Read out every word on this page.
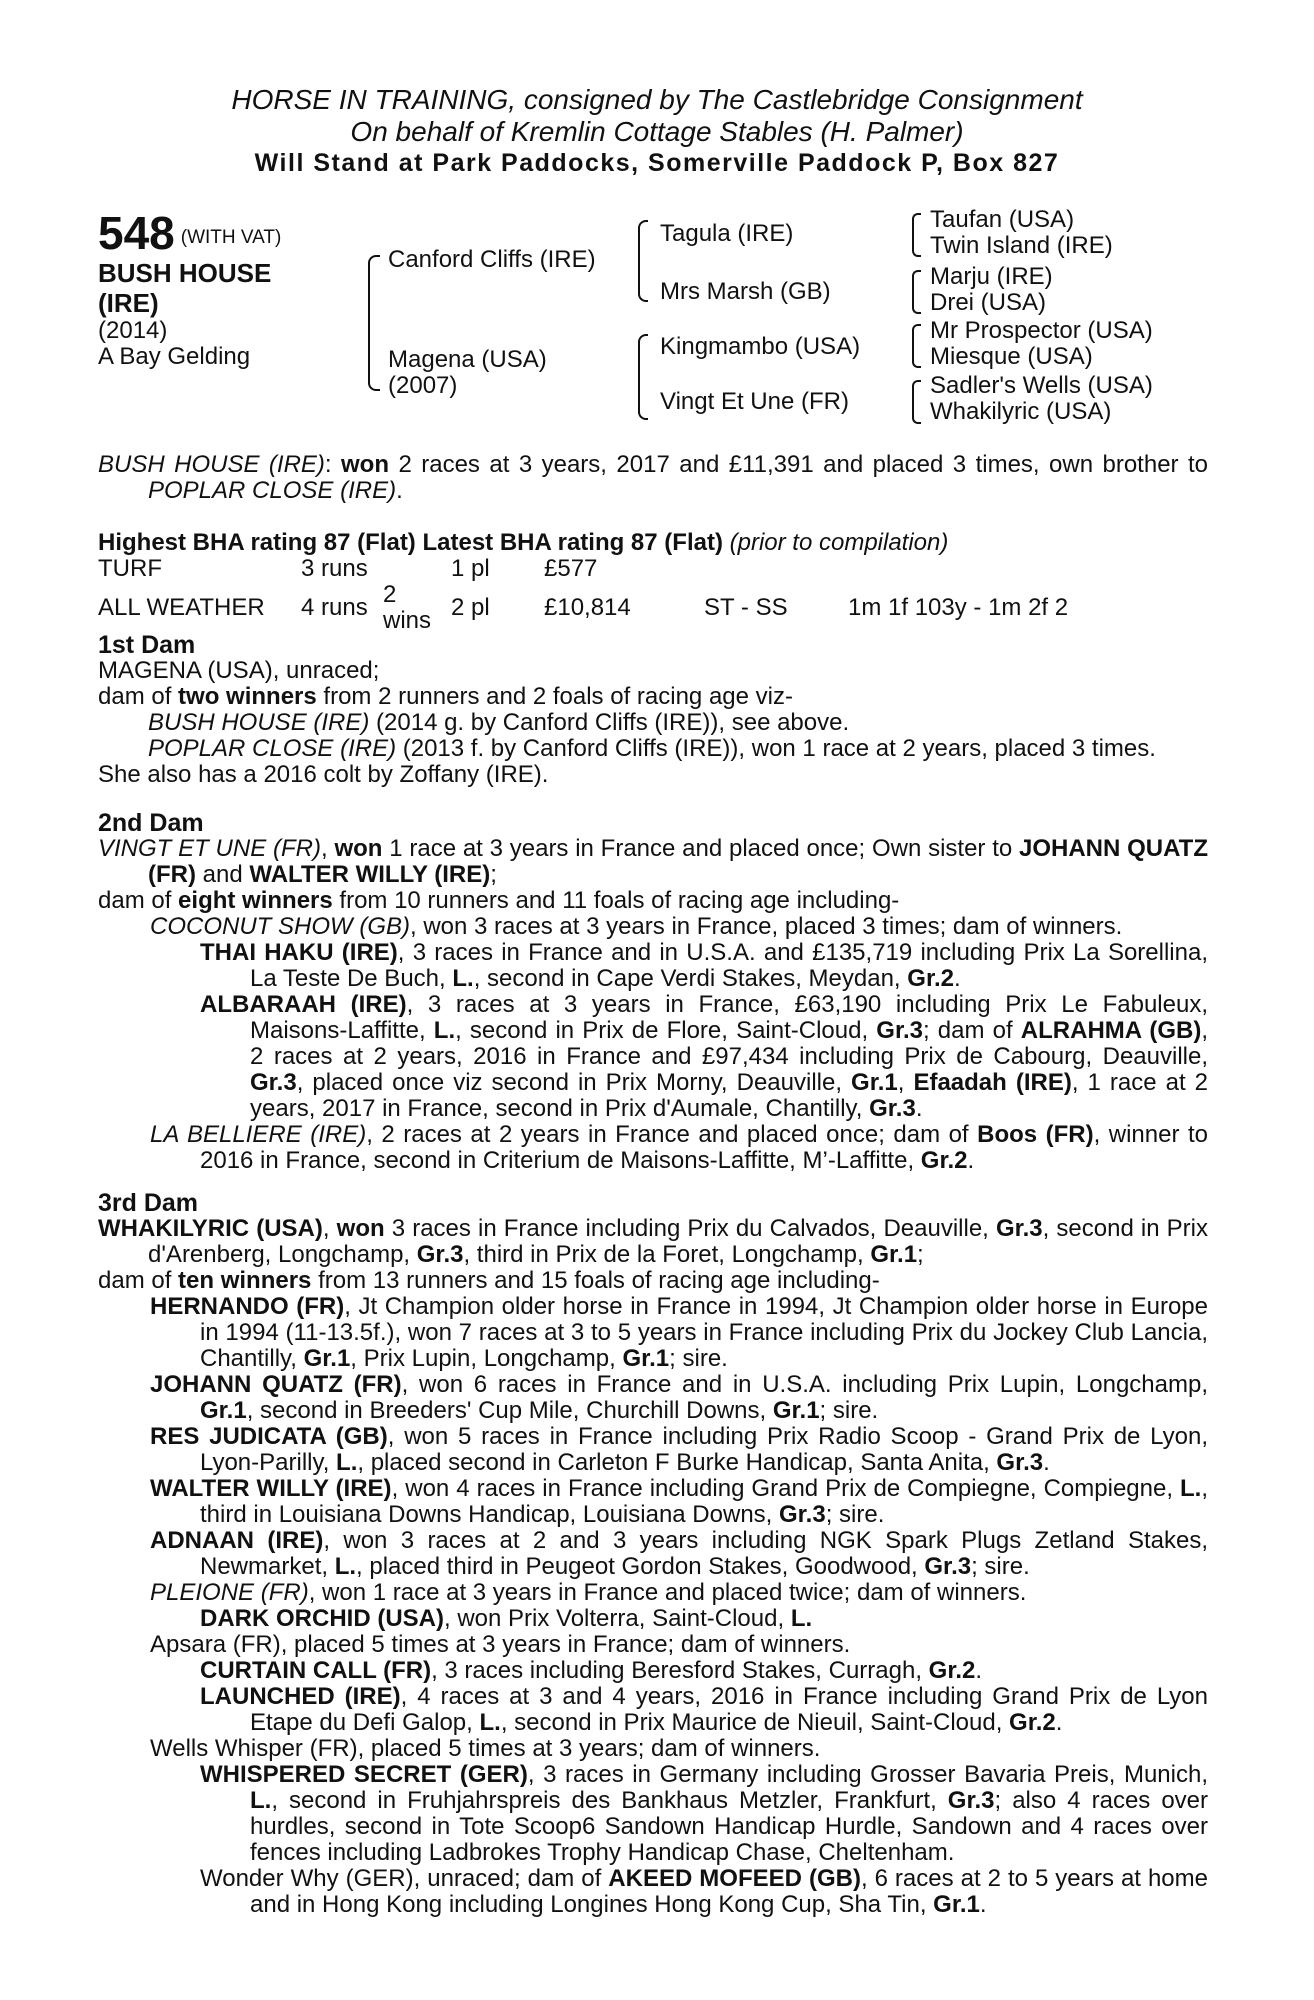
HORSE IN TRAINING, consigned by The Castlebridge Consignment
On behalf of Kremlin Cottage Stables (H. Palmer)
Will Stand at Park Paddocks, Somerville Paddock P, Box 827
548 $^{(WITH VAT)}$
BUSH HOUSE
(IRE)
(2014)
A Bay Gelding
Canford Cliffs (IRE)
Magena (USA)
(2007)
Tagula (IRE)
Mrs Marsh (GB)
Kingmambo (USA)
Vingt Et Une (FR)
Taufan (USA)
Twin Island (IRE)
Marju (IRE)
Drei (USA)
Mr Prospector (USA)
Miesque (USA)
Sadler's Wells (USA)
Whakilyric (USA)
BUSH HOUSE (IRE): won 2 races at 3 years, 2017 and £11,391 and placed 3 times, own brother to POPLAR CLOSE (IRE).
Highest BHA rating 87 (Flat) Latest BHA rating 87 (Flat) (prior to compilation)
TURF	3 runs		1 pl	£577		
ALL WEATHER	4 runs	2 wins	2 pl	£10,814	ST - SS	1m 1f 103y - 1m 2f 2

1st Dam

MAGENA (USA), unraced;

dam of two winners from 2 runners and 2 foals of racing age viz-

BUSH HOUSE (IRE) (2014 g. by Canford Cliffs (IRE)), see above.

POPLAR CLOSE (IRE) (2013 f. by Canford Cliffs (IRE)), won 1 race at 2 years, placed 3 times.

She also has a 2016 colt by Zoffany (IRE).

2nd Dam

VINGT ET UNE (FR), won 1 race at 3 years in France and placed once; Own sister to JOHANN QUATZ (FR) and WALTER WILLY (IRE);

dam of eight winners from 10 runners and 11 foals of racing age including-

COCONUT SHOW (GB), won 3 races at 3 years in France, placed 3 times; dam of winners.

THAI HAKU (IRE), 3 races in France and in U.S.A. and £135,719 including Prix La Sorellina, La Teste De Buch, L., second in Cape Verdi Stakes, Meydan, Gr.2.

ALBARAAH (IRE), 3 races at 3 years in France, £63,190 including Prix Le Fabuleux, Maisons-Laffitte, L., second in Prix de Flore, Saint-Cloud, Gr.3; dam of ALRAHMA (GB), 2 races at 2 years, 2016 in France and £97,434 including Prix de Cabourg, Deauville, Gr.3, placed once viz second in Prix Morny, Deauville, Gr.1, Efaadah (IRE), 1 race at 2 years, 2017 in France, second in Prix d'Aumale, Chantilly, Gr.3.

LA BELLIERE (IRE), 2 races at 2 years in France and placed once; dam of Boos (FR), winner to 2016 in France, second in Criterium de Maisons-Laffitte, M’-Laffitte, Gr.2.

3rd Dam

WHAKILYRIC (USA), won 3 races in France including Prix du Calvados, Deauville, Gr.3, second in Prix d'Arenberg, Longchamp, Gr.3, third in Prix de la Foret, Longchamp, Gr.1;

dam of ten winners from 13 runners and 15 foals of racing age including-

HERNANDO (FR), Jt Champion older horse in France in 1994, Jt Champion older horse in Europe in 1994 (11-13.5f.), won 7 races at 3 to 5 years in France including Prix du Jockey Club Lancia, Chantilly, Gr.1, Prix Lupin, Longchamp, Gr.1; sire.

JOHANN QUATZ (FR), won 6 races in France and in U.S.A. including Prix Lupin, Longchamp, Gr.1, second in Breeders' Cup Mile, Churchill Downs, Gr.1; sire.

RES JUDICATA (GB), won 5 races in France including Prix Radio Scoop - Grand Prix de Lyon, Lyon-Parilly, L., placed second in Carleton F Burke Handicap, Santa Anita, Gr.3.

WALTER WILLY (IRE), won 4 races in France including Grand Prix de Compiegne, Compiegne, L., third in Louisiana Downs Handicap, Louisiana Downs, Gr.3; sire.

ADNAAN (IRE), won 3 races at 2 and 3 years including NGK Spark Plugs Zetland Stakes, Newmarket, L., placed third in Peugeot Gordon Stakes, Goodwood, Gr.3; sire.

PLEIONE (FR), won 1 race at 3 years in France and placed twice; dam of winners.

DARK ORCHID (USA), won Prix Volterra, Saint-Cloud, L.

Apsara (FR), placed 5 times at 3 years in France; dam of winners.

CURTAIN CALL (FR), 3 races including Beresford Stakes, Curragh, Gr.2.

LAUNCHED (IRE), 4 races at 3 and 4 years, 2016 in France including Grand Prix de Lyon Etape du Defi Galop, L., second in Prix Maurice de Nieuil, Saint-Cloud, Gr.2.

Wells Whisper (FR), placed 5 times at 3 years; dam of winners.

WHISPERED SECRET (GER), 3 races in Germany including Grosser Bavaria Preis, Munich, L., second in Fruhjahrspreis des Bankhaus Metzler, Frankfurt, Gr.3; also 4 races over hurdles, second in Tote Scoop6 Sandown Handicap Hurdle, Sandown and 4 races over fences including Ladbrokes Trophy Handicap Chase, Cheltenham.

Wonder Why (GER), unraced; dam of AKEED MOFEED (GB), 6 races at 2 to 5 years at home and in Hong Kong including Longines Hong Kong Cup, Sha Tin, Gr.1.
